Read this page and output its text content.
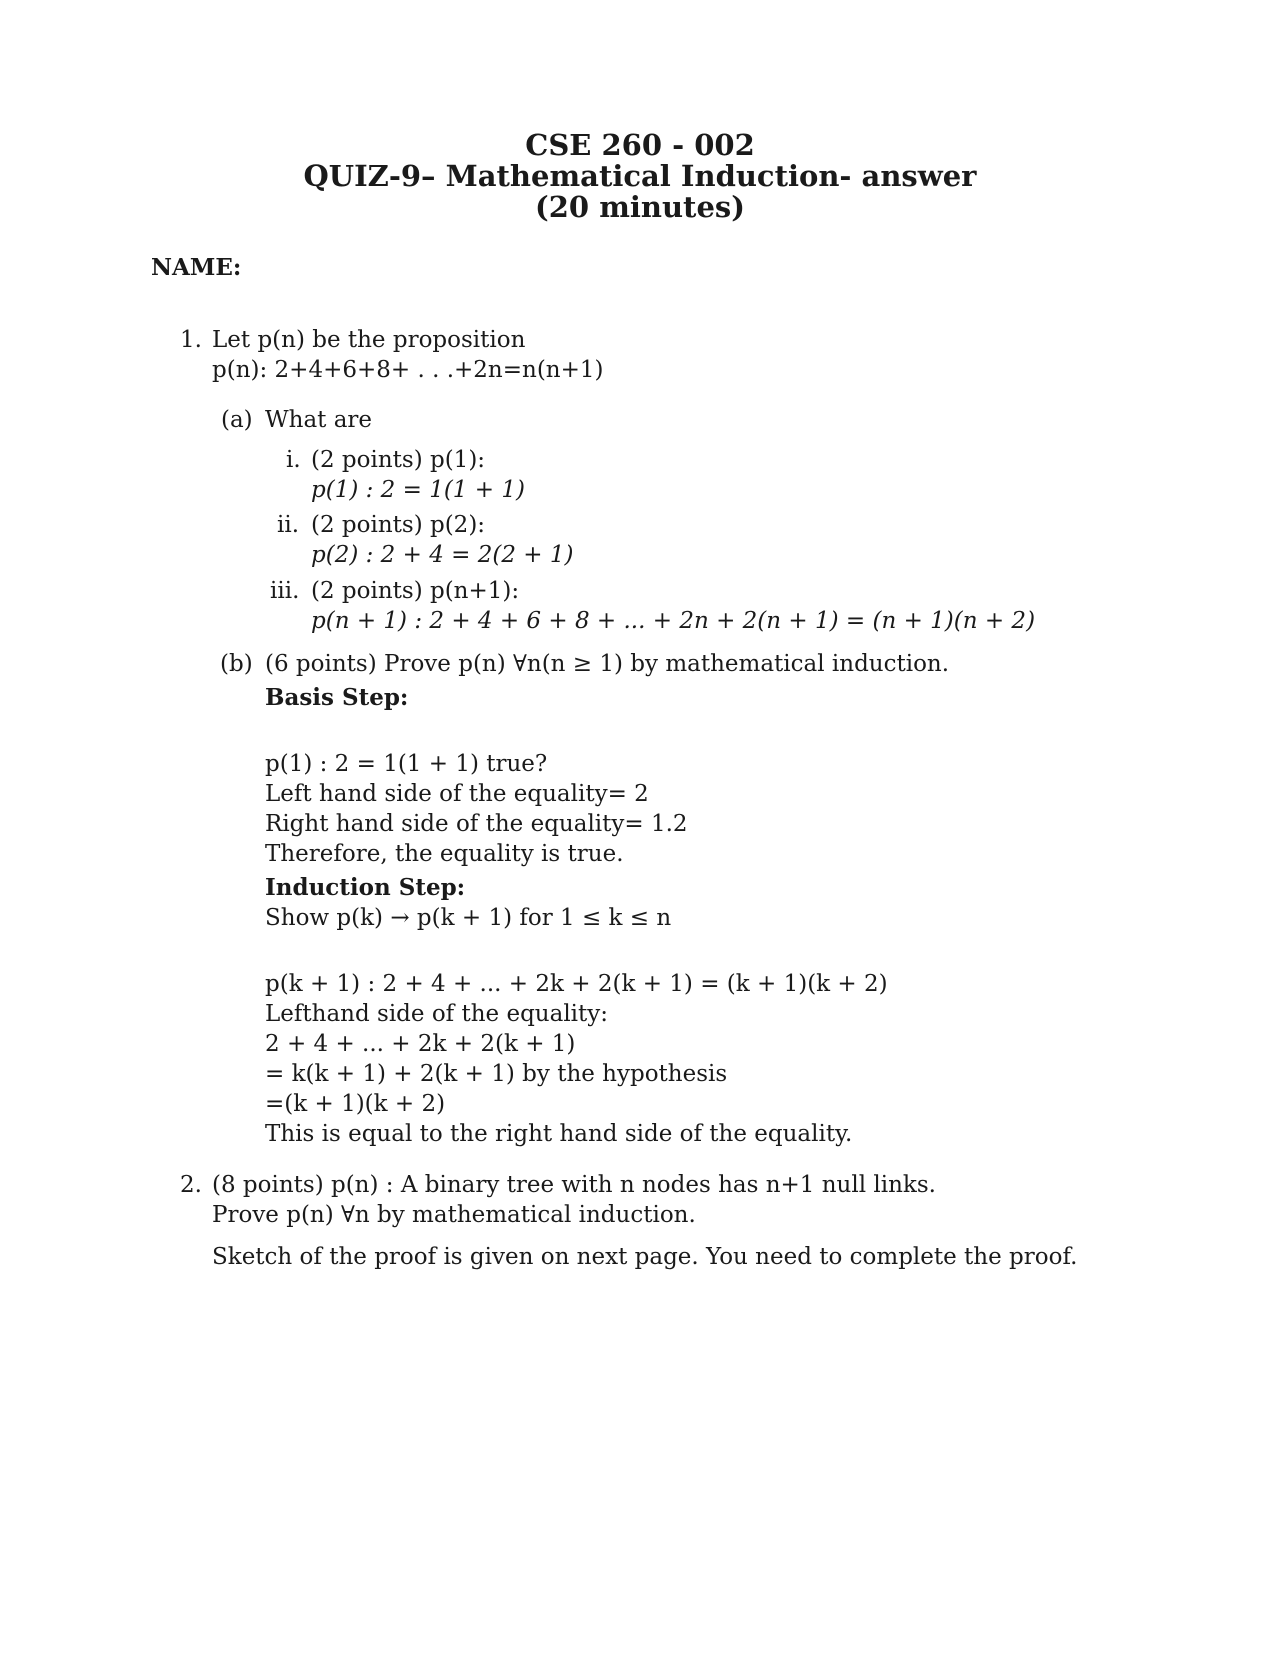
CSE 260 - 002
QUIZ-9– Mathematical Induction- answer
(20 minutes)
NAME:
1. Let p(n) be the proposition
p(n): 2+4+6+8+ . . .+2n=n(n+1)
(a) What are
i. (2 points) p(1):
p(1) : 2 = 1(1 + 1)
ii. (2 points) p(2):
p(2) : 2 + 4 = 2(2 + 1)
iii. (2 points) p(n+1):
p(n + 1) : 2 + 4 + 6 + 8 + ... + 2n + 2(n + 1) = (n + 1)(n + 2)
(b) (6 points) Prove p(n) ∀n(n ≥ 1) by mathematical induction.
Basis Step:
p(1) : 2 = 1(1 + 1) true?
Left hand side of the equality= 2
Right hand side of the equality= 1.2
Therefore, the equality is true.
Induction Step:
Show p(k) → p(k + 1) for 1 ≤ k ≤ n
p(k + 1) : 2 + 4 + ... + 2k + 2(k + 1) = (k + 1)(k + 2)
Lefthand side of the equality:
2 + 4 + ... + 2k + 2(k + 1)
= k(k + 1) + 2(k + 1) by the hypothesis
=(k + 1)(k + 2)
This is equal to the right hand side of the equality.
2. (8 points) p(n) : A binary tree with n nodes has n+1 null links.
Prove p(n) ∀n by mathematical induction.
Sketch of the proof is given on next page. You need to complete the proof.
